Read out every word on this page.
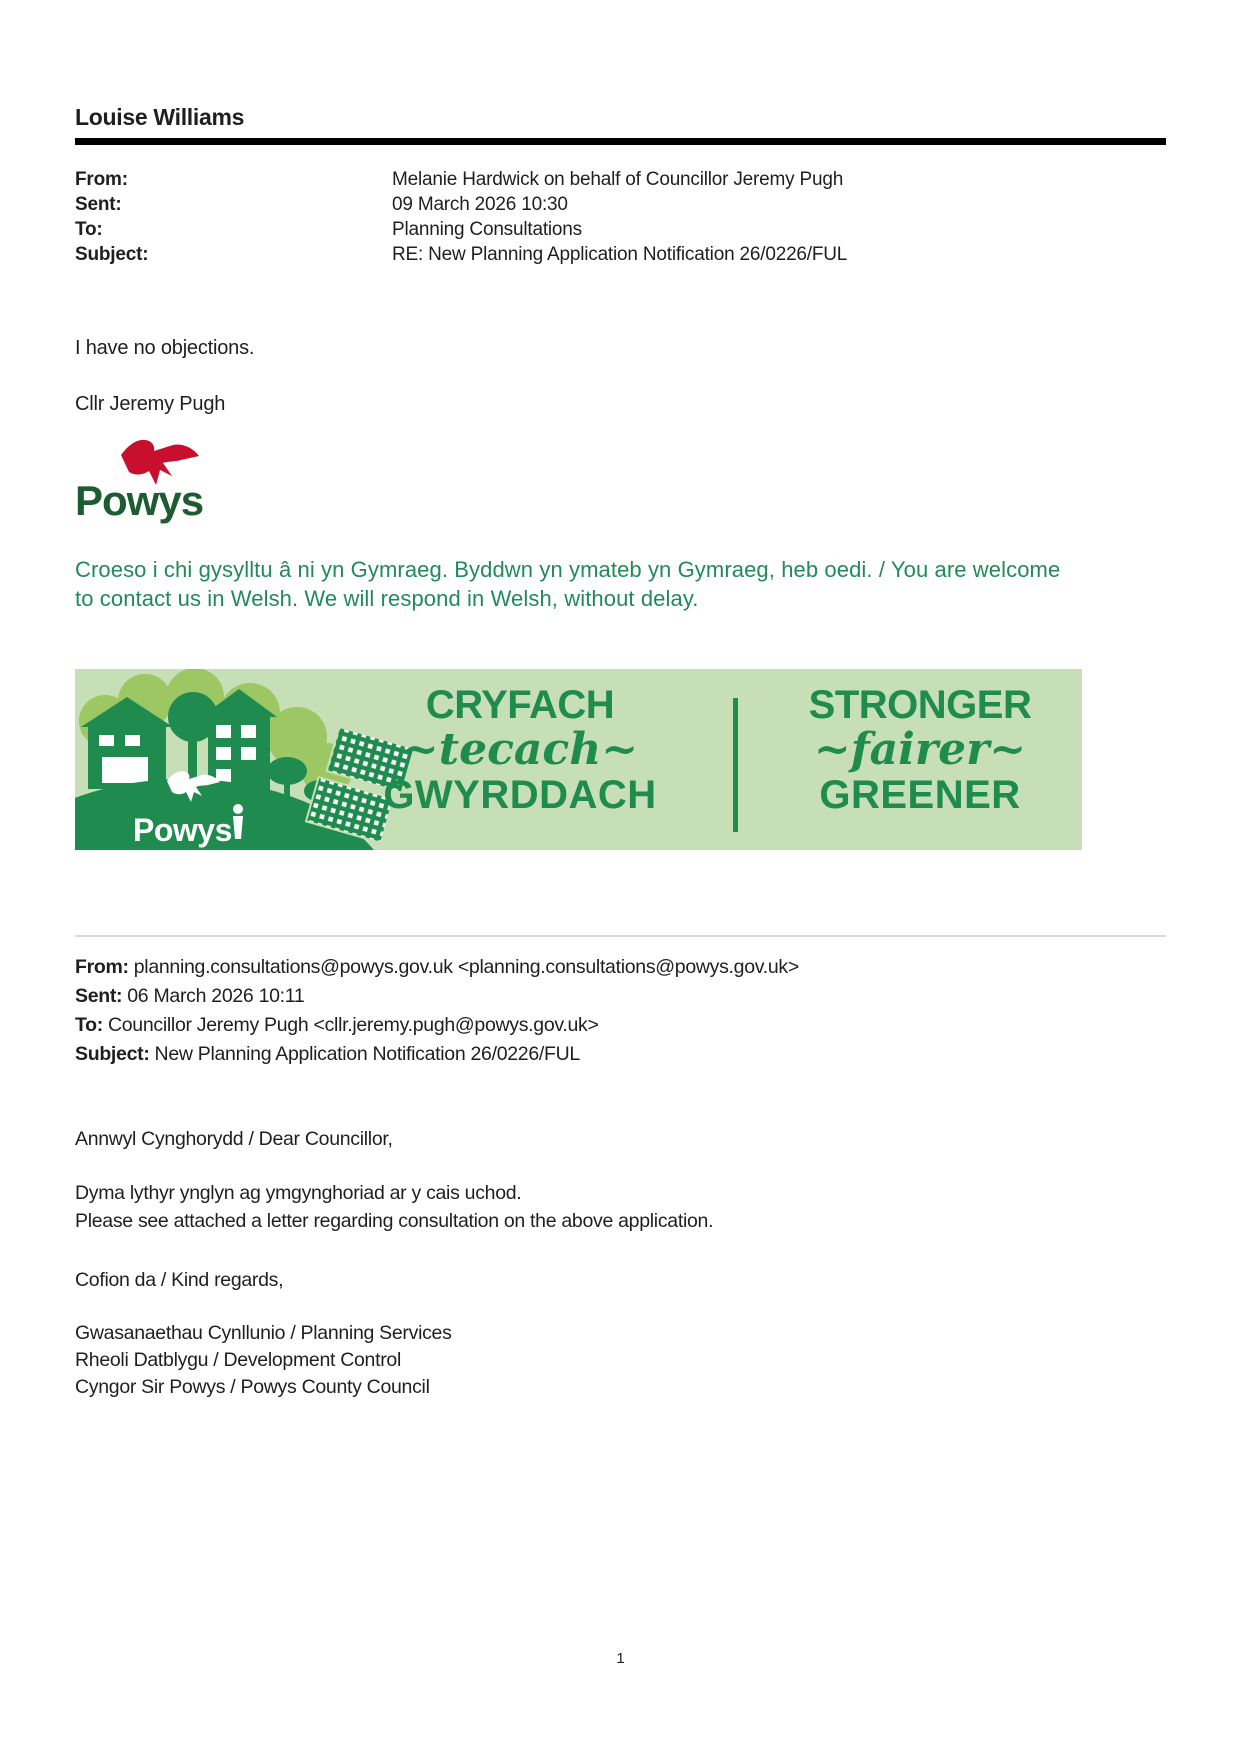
Louise Williams
From:	Melanie Hardwick on behalf of Councillor Jeremy Pugh
Sent:	09 March 2026 10:30
To:	Planning Consultations
Subject:	RE: New Planning Application Notification 26/0226/FUL
I have no objections.
Cllr Jeremy Pugh
Powys
Croeso i chi gysylltu â ni yn Gymraeg. Byddwn yn ymateb yn Gymraeg, heb oedi. / You are welcome to contact us in Welsh. We will respond in Welsh, without delay.
Powys
CRYFACH
~tecach~
GWYRDDACH
STRONGER
~fairer~
GREENER
From: planning.consultations@powys.gov.uk <planning.consultations@powys.gov.uk>
Sent: 06 March 2026 10:11
To: Councillor Jeremy Pugh <cllr.jeremy.pugh@powys.gov.uk>
Subject: New Planning Application Notification 26/0226/FUL
Annwyl Cynghorydd / Dear Councillor,
Dyma lythyr ynglyn ag ymgynghoriad ar y cais uchod.
Please see attached a letter regarding consultation on the above application.
Cofion da / Kind regards,
Gwasanaethau Cynllunio / Planning Services
Rheoli Datblygu / Development Control
Cyngor Sir Powys / Powys County Council
1
